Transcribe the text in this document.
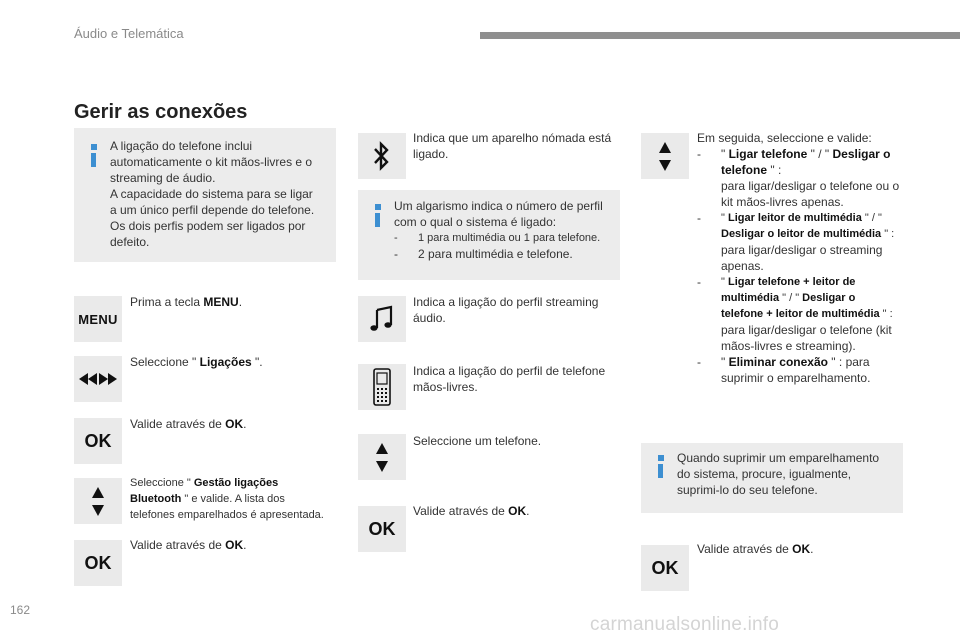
Áudio e Telemática
Gerir as conexões
A ligação do telefone inclui
automaticamente o kit mãos-livres e o
streaming de áudio.
A capacidade do sistema para se ligar
a um único perfil depende do telefone.
Os dois perfis podem ser ligados por
defeito.
MENU
Prima a tecla MENU.
Seleccione " Ligações ".
OK
Valide através de OK.
Seleccione " Gestão ligações
Bluetooth " e valide. A lista dos
telefones emparelhados é apresentada.
OK
Valide através de OK.
Indica que um aparelho nómada está
ligado.
Um algarismo indica o número de perfil
com o qual o sistema é ligado:
-	1 para multimédia ou 1 para telefone.
-	2 para multimédia e telefone.
Indica a ligação do perfil streaming
áudio.
Indica a ligação do perfil de telefone
mãos-livres.
Seleccione um telefone.
OK
Valide através de OK.
Em seguida, seleccione e valide:
-	" Ligar telefone " / " Desligar o
telefone " :
para ligar/desligar o telefone ou o
kit mãos-livres apenas.
-	" Ligar leitor de multimédia " / "
Desligar o leitor de multimédia " :
para ligar/desligar o streaming
apenas.
-	" Ligar telefone + leitor de
multimédia " / " Desligar o
telefone + leitor de multimédia " :
para ligar/desligar o telefone (kit
mãos-livres e streaming).
-	" Eliminar conexão " : para
suprimir o emparelhamento.
Quando suprimir um emparelhamento
do sistema, procure, igualmente,
suprimi-lo do seu telefone.
OK
Valide através de OK.
162
carmanualsonline.info
